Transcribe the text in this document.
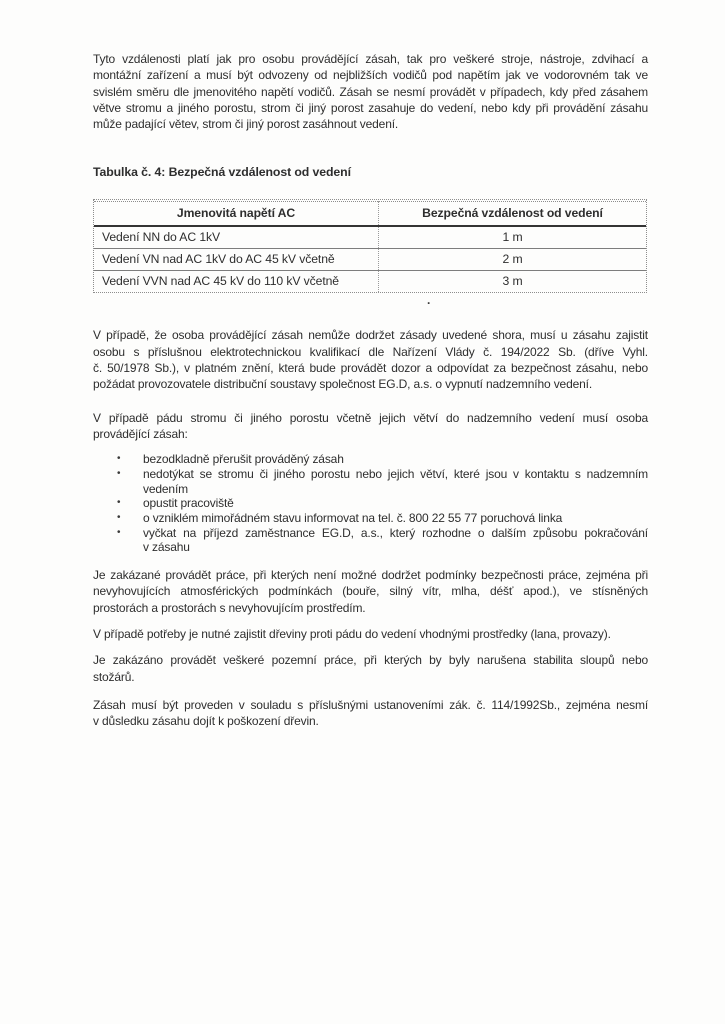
Tyto vzdálenosti platí jak pro osobu provádějící zásah, tak pro veškeré stroje, nástroje, zdvihací a
montážní zařízení a musí být odvozeny od nejbližších vodičů pod napětím jak ve vodorovném tak ve
svislém směru dle jmenovitého napětí vodičů. Zásah se nesmí provádět v případech, kdy před zásahem
větve stromu a jiného porostu, strom či jiný porost zasahuje do vedení, nebo kdy při provádění zásahu
může padající větev, strom či jiný porost zasáhnout vedení.
Tabulka č. 4: Bezpečná vzdálenost od vedení
Jmenovitá napětí AC	Bezpečná vzdálenost od vedení
Vedení NN do AC 1kV	1 m
Vedení VN nad AC 1kV do AC 45 kV včetně	2 m
Vedení VVN nad AC 45 kV do 110 kV včetně	3 m
.
V případě, že osoba provádějící zásah nemůže dodržet zásady uvedené shora, musí u zásahu zajistit
osobu s příslušnou elektrotechnickou kvalifikací dle Nařízení Vlády č. 194/2022 Sb. (dříve Vyhl.
č. 50/1978 Sb.), v platném znění, která bude provádět dozor a odpovídat za bezpečnost zásahu, nebo
požádat provozovatele distribuční soustavy společnost EG.D, a.s. o vypnutí nadzemního vedení.
V případě pádu stromu či jiného porostu včetně jejich větví do nadzemního vedení musí osoba
provádějící zásah:
•	bezodkladně přerušit prováděný zásah
•	nedotýkat se stromu či jiného porostu nebo jejich větví, které jsou v kontaktu s nadzemním
vedením
•	opustit pracoviště
•	o vzniklém mimořádném stavu informovat na tel. č. 800 22 55 77 poruchová linka
•	vyčkat na příjezd zaměstnance EG.D, a.s., který rozhodne o dalším způsobu pokračování
v zásahu
Je zakázané provádět práce, při kterých není možné dodržet podmínky bezpečnosti práce, zejména při
nevyhovujících atmosférických podmínkách (bouře, silný vítr, mlha, déšť apod.), ve stísněných
prostorách a prostorách s nevyhovujícím prostředím.
V případě potřeby je nutné zajistit dřeviny proti pádu do vedení vhodnými prostředky (lana, provazy).
Je zakázáno provádět veškeré pozemní práce, při kterých by byly narušena stabilita sloupů nebo
stožárů.
Zásah musí být proveden v souladu s příslušnými ustanoveními zák. č. 114/1992Sb., zejména nesmí
v důsledku zásahu dojít k poškození dřevin.
